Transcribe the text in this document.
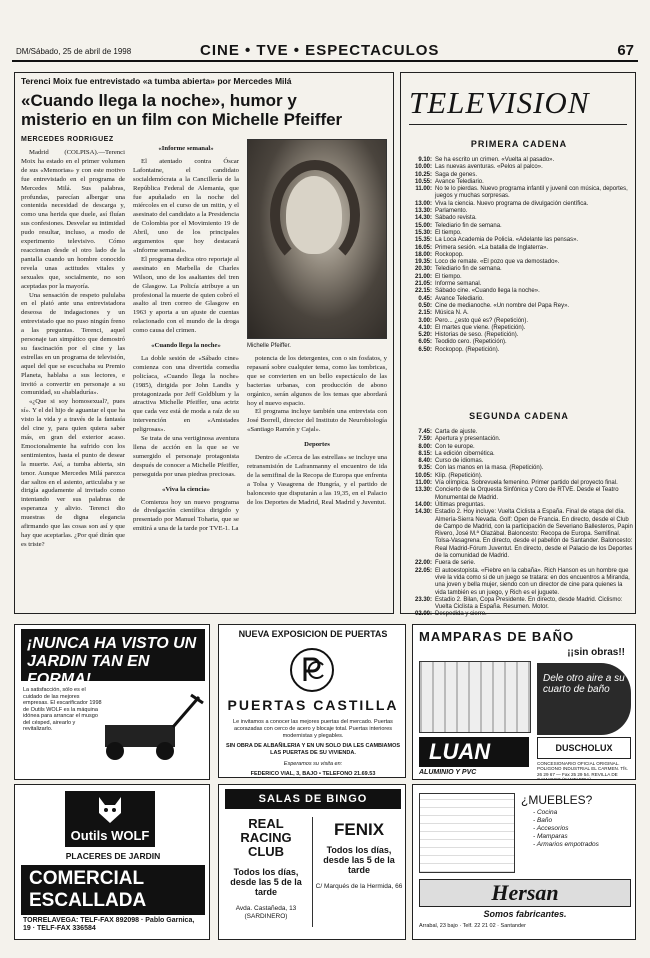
DM/Sábado, 25 de abril de 1998	CINE • TVE • ESPECTACULOS	67
Terenci Moix fue entrevistado «a tumba abierta» por Mercedes Milá
«Cuando llega la noche», humor y misterio en un film con Michelle Pfeiffer
MERCEDES RODRIGUEZ

Madrid (COLPISA).—Terenci Moix ha estado en el primer volumen de sus «Memorias» y con este motivo fue entrevistado en el programa de Mercedes Milá. Sus palabras, profundas, parecían albergar una contenida necesidad de descarga y, como una herida que duele, así fluían sus confesiones. Desvelar su intimidad pudo resultar, incluso, a modo de experimento televisivo. Cómo reaccionan desde el otro lado de la pantalla cuando un hombre conocido revela unas actitudes vitales y sexuales que, socialmente, no son aceptadas por la mayoría.

Una sensación de respeto pululaba en el plató ante una entrevistadora deseosa de indagaciones y un entrevistado que no puso ningún freno a las preguntas. Terenci, aquel personaje tan simpático que demostró su fascinación por el cine y las estrellas en un programa de televisión, aquel del que se escuchaba su Premio Planeta, hablaba a sus lectores, e invitó a convertir en personaje a su comunidad, su «habladuría».

«¿Que si soy homosexual?, pues sí». Y el del hijo de aguantar el que ha visto la vida y a través de la fantasía del cine y, para quien quiera saber más, en gran del exterior acaso. Emocionalmente ha sufrido con los sentimientos, hasta el punto de desear la muerte. Así, a tumba abierta, sin tenor. Aunque Mercedes Milá parezca dar saltos en el asiento, articulaba y se dirigía agudamente al invitado como intentando ver sus palabras de esperanza y alivio. Terenci dio muestras de digna elegancia afirmando que las cosas son así y que hay que aceptarlas. ¿Por qué dirán que es triste?

«Informe semanal»

El atentado contra Óscar Lafontaine, el candidato socialdemócrata a la Cancillería de la República Federal de Alemania, que fue apuñalado en la noche del miércoles en el curso de un mitin, y el asesinato del candidato a la Presidencia de Colombia por el Movimiento 19 de Abril, uno de los principales argumentos que hoy destacará «Informe semanal».

El programa dedica otro reportaje al asesinato en Marbella de Charles Wilson, uno de los asaltantes del tren de Glasgow. La Policía atribuye a un profesional la muerte de quien cobró el asalto al tren correo de Glasgow en 1963 y aporta a un ajuste de cuentas relacionado con el mundo de la droga como causa del crimen.

«Cuando llega la noche»

La doble sesión de «Sábado cine» comienza con una divertida comedia policíaca, «Cuando llega la noche» (1985), dirigida por John Landis y protagonizada por Jeff Goldblum y la atractiva Michelle Pfeiffer, una actriz que cada vez está de moda a raíz de su intervención en «Amistades peligrosas».

Se trata de una vertiginosa aventura llena de acción en la que se ve sumergido el personaje protagonista después de conocer a Michelle Pfeiffer, perseguida por unas piedras preciosas.

«Viva la ciencia»

Comienza hoy un nuevo programa de divulgación científica dirigido y presentado por Manuel Toharia, que se emitirá a una de la tarde por TVE-1. La

Michelle Pfeiffer.

potencia de los detergentes, con o sin fosfatos, y repasará sobre cualquier tema, como las tombricas, que se convierten en un bello espectáculo de las bacterias urbanas, con producción de abono orgánico, serán algunos de los temas que abordará hoy el nuevo espacio.

El programa incluye también una entrevista con José Borrell, director del Instituto de Neurobiología «Santiago Ramón y Cajal».

Deportes

Dentro de «Cerca de las estrellas» se incluye una retransmisión de Lafranmanny el encuentro de ida de la semifinal de la Recopa de Europa que enfrenta a Tolsa y Vasagrena de Hungría, y el partido de baloncesto que disputarán a las 19,35, en el Palacio de los Deportes de Madrid, Real Madrid y Juventut.

TELEVISION
PRIMERA CADENA
9.10: Se ha escrito un crimen. «Vuelta al pasado».
10.00: Las nuevas aventuras. «Pelos al palco».
10.25: Saga de genes.
10.55: Avance Telediario.
11.00: No te lo pierdas. Nuevo programa infantil y juvenil con música, deportes, juegos y muchas sorpresas.
13.00: Viva la ciencia. Nuevo programa de divulgación científica.
13.30: Parlamento.
14.30: Sábado revista.
15.00: Telediario fin de semana.
15.30: El tiempo.
15.35: La Loca Academia de Policía. «Adelante las pensas».
16.05: Primera sesión. «La batalla de Inglaterra».
18.00: Rockopop.
19.35: Loco de remate. «El pozo que va demostado».
20.30: Telediario fin de semana.
21.00: El tiempo.
21.05: Informe semanal.
22.15: Sábado cine. «Cuando llega la noche».
0.45: Avance Telediario.
0.50: Cine de medianoche. «Un nombre del Papa Rey».
2.15: Música N. A.
3.00: Pero... ¿esto qué es? (Repetición).
4.10: El martes que viene. (Repetición).
5.20: Historias de seso. (Repetición).
6.05: Teodido cero. (Repetición).
6.50: Rockopop. (Repetición).
SEGUNDA CADENA
7.45: Carta de ajuste.
7.59: Apertura y presentación.
8.00: Con te europe.
8.15: La edición cibernética.
8.40: Curso de idiomas.
9.35: Con las manos en la masa. (Repetición).
10.05: Klip. (Repetición).
11.00: Vía olímpica. Sobrevuela femenino. Primer partido del proyecto final.
13.30: Concierto de la Orquesta Sinfónica y Coro de RTVE. Desde el Teatro Monumental de Madrid.
14.00: Últimas preguntas.
14.30: Estadio 2. Hoy incluye: Vuelta Ciclista a España. Final de etapa del día. Almería-Sierra Nevada. Golf: Open de Francia. En directo, desde el Club de Campo de Madrid, con la participación de Severiano Ballesteros, Papin Rivero, José M.ª Olazábal. Baloncesto: Recopa de Europa. Semifinal. Tolsa-Vasagrena. En directo, desde el pabellón de Santander. Baloncesto: Real Madrid-Fórum Juventut. En directo, desde el Palacio de los Deportes de la comunidad de Madrid.
22.00: Fuera de serie.
22.05: El autoestopista. «Fiebre en la cabaña». Rich Hanson es un hombre que vive la vida como si de un juego se tratara: en dos encuentros a Miranda, una joven y bella mujer, siendo con un director de cine para quienes la vida también es un juego, y Rich es el juguete.
23.30: Estadio 2. Bilan, Copa Presidente. En directo, desde Madrid. Ciclismo: Vuelta Ciclista a España. Resumen. Motor.
02.00: Despedida y cierre.
¡NUNCA HA VISTO UN JARDIN TAN EN FORMA!
La satisfacción, sólo es el cuidado de las mejores empresas. El escarificador 1998 de Outils WOLF es la máquina idónea para arrancar el musgo del césped, airearlo y revitalizarlo.
NUEVA EXPOSICION DE PUERTAS
PUERTAS CASTILLA
Le invitamos a conocer las mejores puertas del mercado. Puertas acorazadas con cerco de acero y blocaje total. Puertas interiores modernistas y plegables.
SIN OBRA DE ALBAÑILERIA Y EN UN SOLO DIA LES CAMBIAMOS LAS PUERTAS DE SU VIVIENDA.
Esperamos su visita en:
FEDERICO VIAL, 3, BAJO • TELEFONO 21.69.53
MAMPARAS DE BAÑO
¡¡sin obras!!
Dele otro aire a su cuarto de baño
LUAN
ALUMINIO Y PVC
DUSCHOLUX
CONCESIONARIO OFICIAL ORIGINAL. POLIGONO INDUSTRIAL EL CARMEN. Tfs. 26 29 67 — Fax 25 29 54. REVILLA DE CAMARGO (CANTABRIA)
Outils WOLF
PLACERES DE JARDIN
COMERCIAL ESCALLADA
TORRELAVEGA: TELF-FAX 892098 · Pablo Garnica, 19 · TELF-FAX 336584
SALAS DE BINGO
REAL RACING CLUB
Todos los días, desde las 5 de la tarde
Avda. Castañeda, 13 (SARDINERO)
FENIX
Todos los días, desde las 5 de la tarde
C/ Marqués de la Hermida, 66
¿MUEBLES?
- Cocina
- Baño
- Accesorios
- Mamparas
- Armarios empotrados
Hersan
Somos fabricantes.
Arrabal, 23 bajo · Telf. 22 21 02 · Santander
